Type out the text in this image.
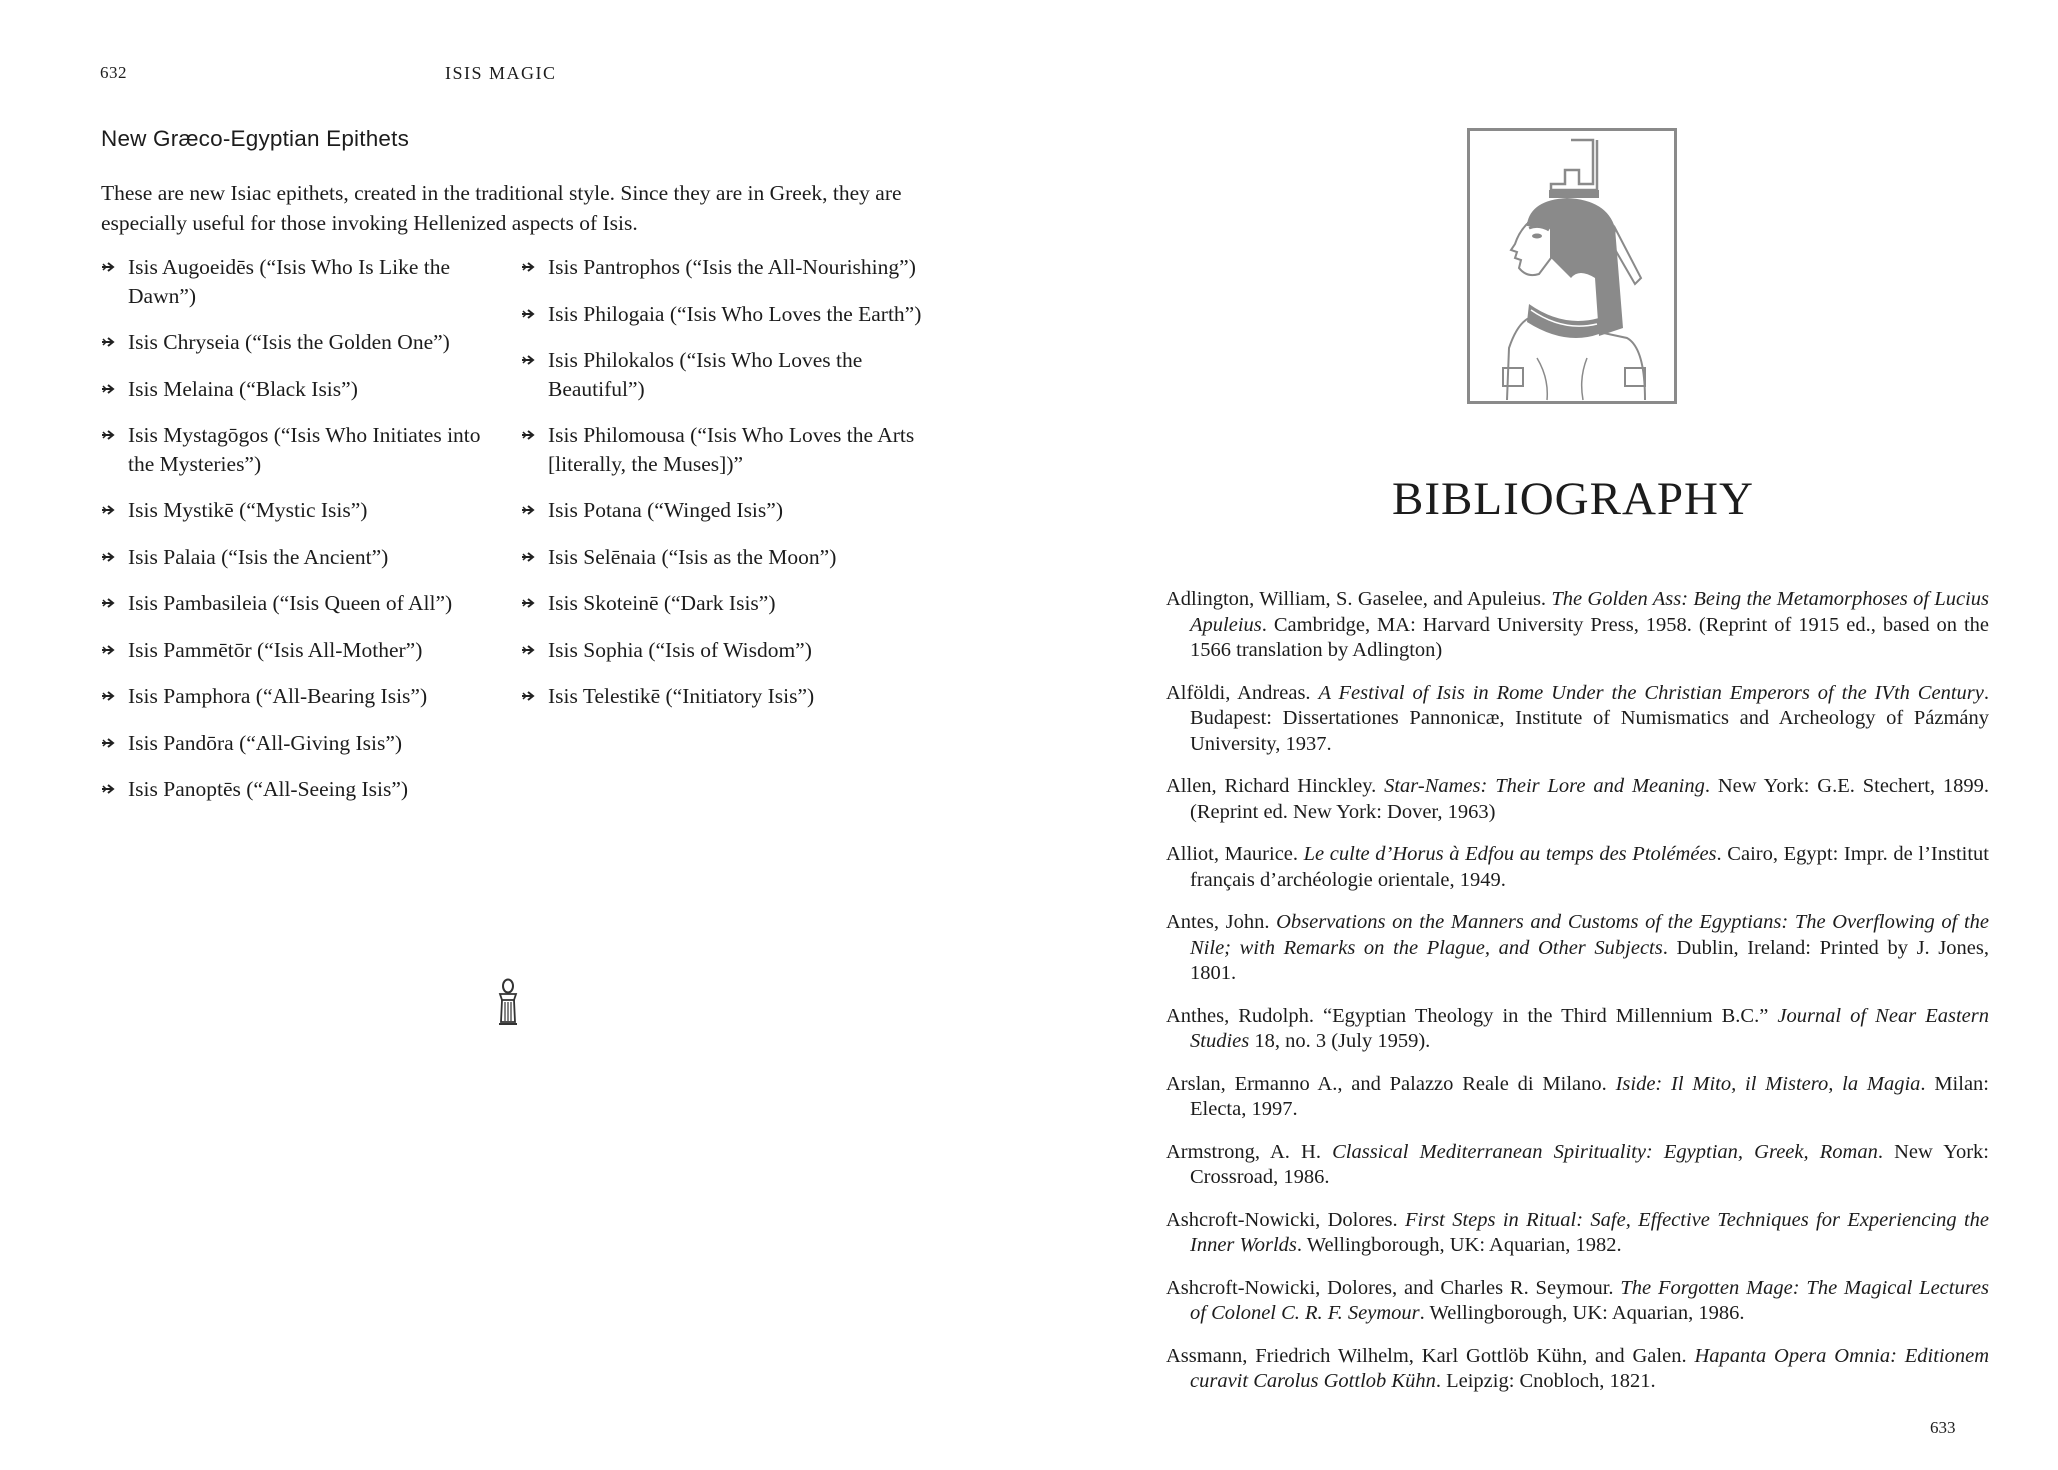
632	ISIS MAGIC
New Græco-Egyptian Epithets
These are new Isiac epithets, created in the traditional style. Since they are in Greek, they are especially useful for those invoking Hellenized aspects of Isis.
Isis Augoeidēs (“Isis Who Is Like the Dawn”)
Isis Chryseia (“Isis the Golden One”)
Isis Melaina (“Black Isis”)
Isis Mystagōgos (“Isis Who Initiates into the Mysteries”)
Isis Mystikē (“Mystic Isis”)
Isis Palaia (“Isis the Ancient”)
Isis Pambasileia (“Isis Queen of All”)
Isis Pammētōr (“Isis All-Mother”)
Isis Pamphora (“All-Bearing Isis”)
Isis Pandōra (“All-Giving Isis”)
Isis Panoptēs (“All-Seeing Isis”)
Isis Pantrophos (“Isis the All-Nourishing”)
Isis Philogaia (“Isis Who Loves the Earth”)
Isis Philokalos (“Isis Who Loves the Beautiful”)
Isis Philomousa (“Isis Who Loves the Arts [literally, the Muses])”
Isis Potana (“Winged Isis”)
Isis Selēnaia (“Isis as the Moon”)
Isis Skoteinē (“Dark Isis”)
Isis Sophia (“Isis of Wisdom”)
Isis Telestikē (“Initiatory Isis”)
BIBLIOGRAPHY
Adlington, William, S. Gaselee, and Apuleius. The Golden Ass: Being the Metamorphoses of Lucius Apuleius. Cambridge, MA: Harvard University Press, 1958. (Reprint of 1915 ed., based on the 1566 translation by Adlington)
Alföldi, Andreas. A Festival of Isis in Rome Under the Christian Emperors of the IVth Century. Budapest: Dissertationes Pannonicæ, Institute of Numismatics and Archeology of Pázmány University, 1937.
Allen, Richard Hinckley. Star-Names: Their Lore and Meaning. New York: G.E. Stechert, 1899. (Reprint ed. New York: Dover, 1963)
Alliot, Maurice. Le culte d’Horus à Edfou au temps des Ptolémées. Cairo, Egypt: Impr. de l’Institut français d’archéologie orientale, 1949.
Antes, John. Observations on the Manners and Customs of the Egyptians: The Overflowing of the Nile; with Remarks on the Plague, and Other Subjects. Dublin, Ireland: Printed by J. Jones, 1801.
Anthes, Rudolph. “Egyptian Theology in the Third Millennium B.C.” Journal of Near Eastern Studies 18, no. 3 (July 1959).
Arslan, Ermanno A., and Palazzo Reale di Milano. Iside: Il Mito, il Mistero, la Magia. Milan: Electa, 1997.
Armstrong, A. H. Classical Mediterranean Spirituality: Egyptian, Greek, Roman. New York: Crossroad, 1986.
Ashcroft-Nowicki, Dolores. First Steps in Ritual: Safe, Effective Techniques for Experiencing the Inner Worlds. Wellingborough, UK: Aquarian, 1982.
Ashcroft-Nowicki, Dolores, and Charles R. Seymour. The Forgotten Mage: The Magical Lectures of Colonel C. R. F. Seymour. Wellingborough, UK: Aquarian, 1986.
Assmann, Friedrich Wilhelm, Karl Gottlöb Kühn, and Galen. Hapanta Opera Omnia: Editionem curavit Carolus Gottlob Kühn. Leipzig: Cnobloch, 1821.
633
